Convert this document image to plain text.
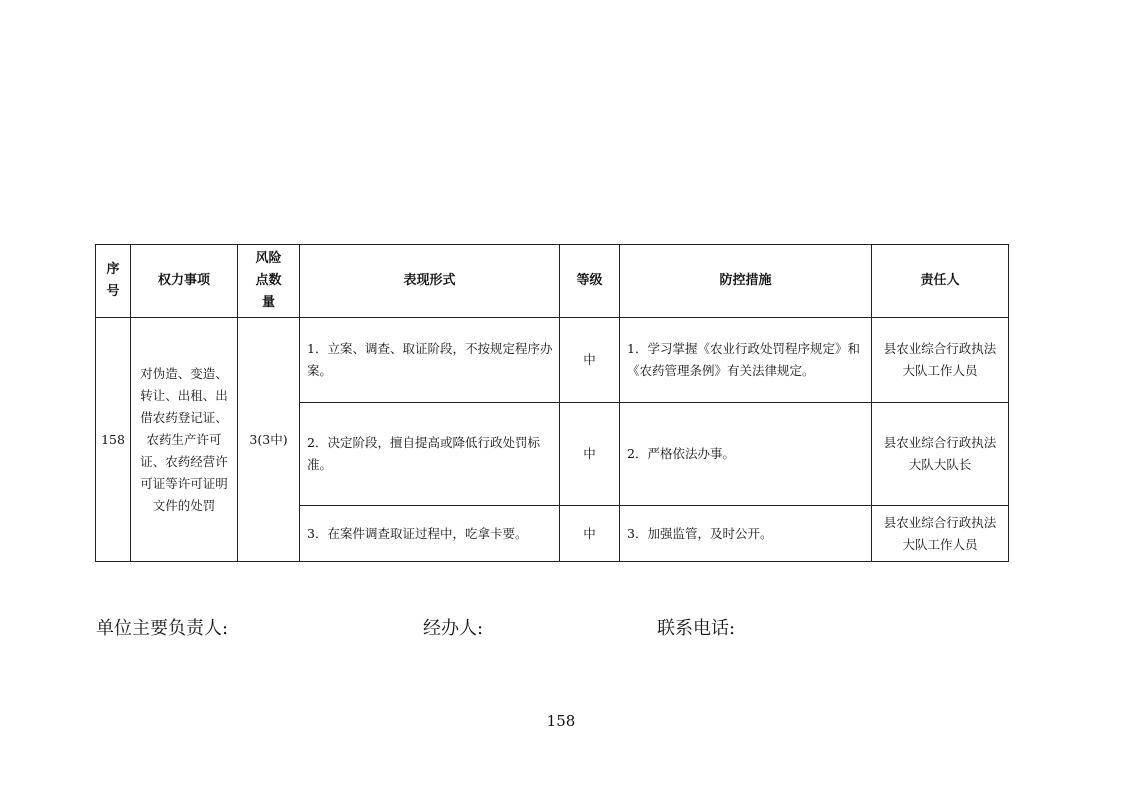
序号	权力事项	风险点数量	表现形式	等级	防控措施	责任人
158	对伪造、变造、转让、出租、出借农药登记证、农药生产许可证、农药经营许可证等许可证明文件的处罚	3(3中)	1．立案、调查、取证阶段，不按规定程序办案。	中	1．学习掌握《农业行政处罚程序规定》和《农药管理条例》有关法律规定。	县农业综合行政执法大队工作人员
			2．决定阶段，擅自提高或降低行政处罚标准。	中	2．严格依法办事。	县农业综合行政执法大队大队长
			3．在案件调查取证过程中，吃拿卡要。	中	3．加强监管，及时公开。	县农业综合行政执法大队工作人员
单位主要负责人:	经办人:	联系电话:
158
